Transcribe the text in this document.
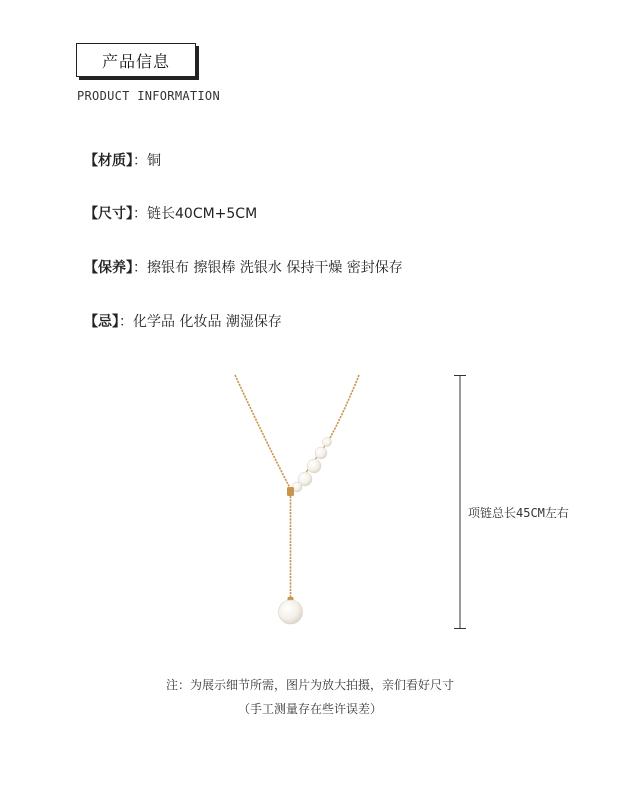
产品信息
PRODUCT INFORMATION
【材质】：铜
【尺寸】：链长40CM+5CM
【保养】：擦银布 擦银棒 洗银水 保持干燥 密封保存
【忌】：化学品 化妆品 潮湿保存
项链总长45CM左右
注：为展示细节所需，图片为放大拍摄，亲们看好尺寸
（手工测量存在些许误差）
